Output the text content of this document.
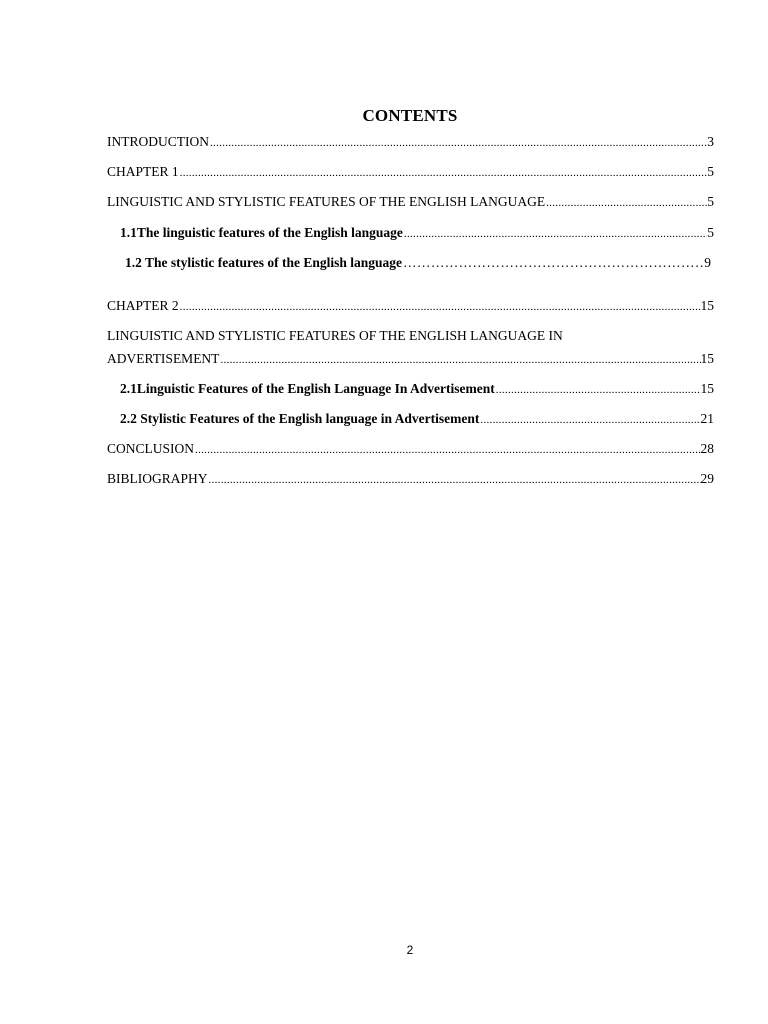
CONTENTS
INTRODUCTION .....	3
CHAPTER 1 .....	5
LINGUISTIC AND STYLISTIC FEATURES OF THE ENGLISH LANGUAGE .....	5
1.1The linguistic features of the English language .....	5
1.2 The stylistic features of the English language …………………………………………………………………………………………………………………………………………………………	9
CHAPTER 2 .....	15
LINGUISTIC AND STYLISTIC FEATURES OF THE ENGLISH LANGUAGE IN
ADVERTISEMENT .....	15
2.1 Linguistic Features of the English Language In Advertisement .....	15
2.2 Stylistic Features of the English language in Advertisement .....	21
CONCLUSION .....	28
BIBLIOGRAPHY .....	29
2
